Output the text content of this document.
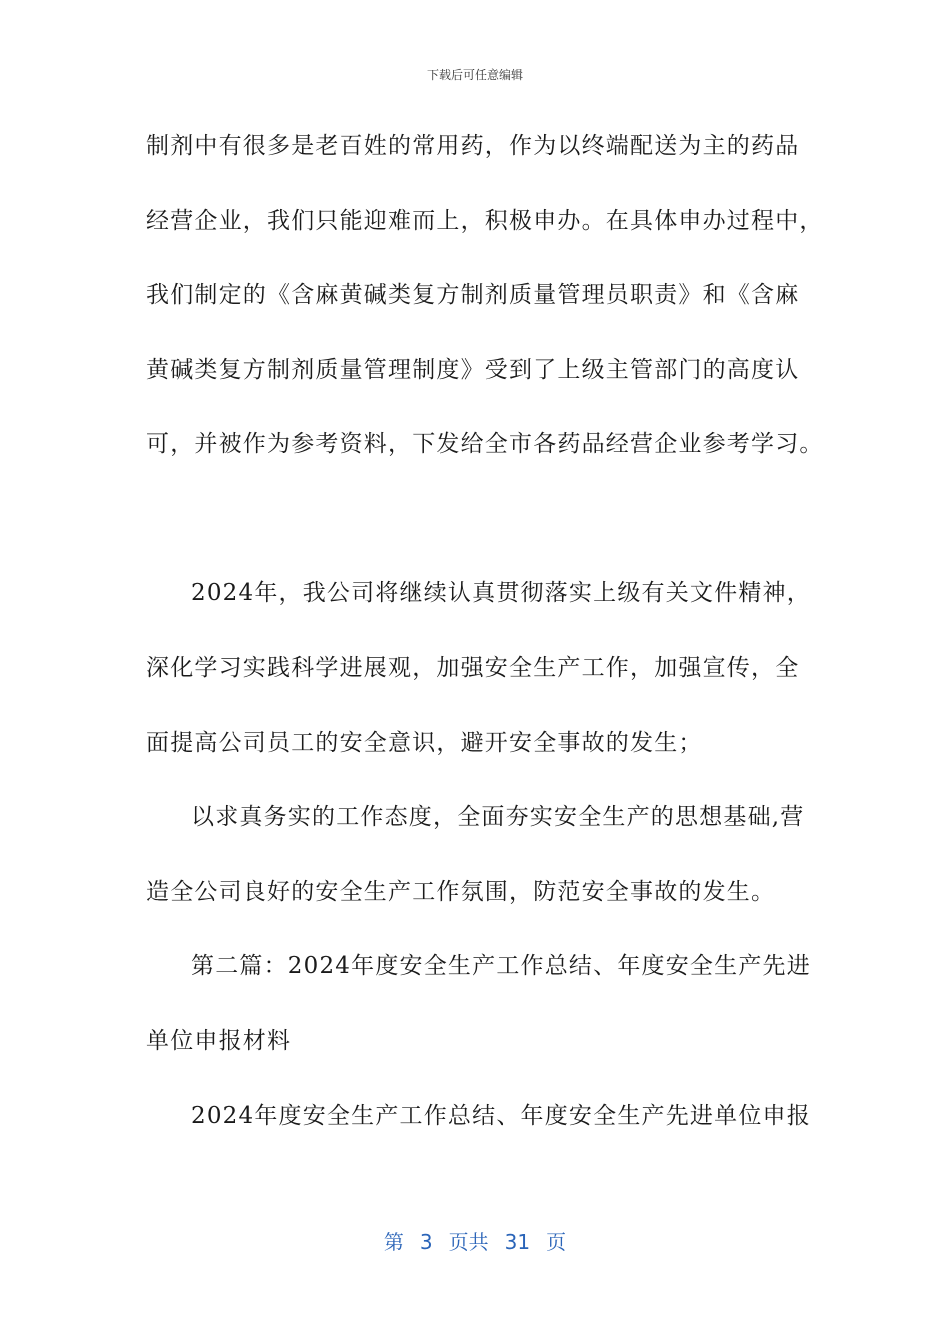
下载后可任意编辑
制剂中有很多是老百姓的常用药，作为以终端配送为主的药品
经营企业，我们只能迎难而上，积极申办。在具体申办过程中，
我们制定的《含麻黄碱类复方制剂质量管理员职责》和《含麻
黄碱类复方制剂质量管理制度》受到了上级主管部门的高度认
可，并被作为参考资料，下发给全市各药品经营企业参考学习。
2024年，我公司将继续认真贯彻落实上级有关文件精神，
深化学习实践科学进展观，加强安全生产工作，加强宣传，全
面提高公司员工的安全意识，避开安全事故的发生；
以求真务实的工作态度，全面夯实安全生产的思想基础,营
造全公司良好的安全生产工作氛围，防范安全事故的发生。
第二篇：2024年度安全生产工作总结、年度安全生产先进
单位申报材料
2024年度安全生产工作总结、年度安全生产先进单位申报
第 3 页共 31 页
